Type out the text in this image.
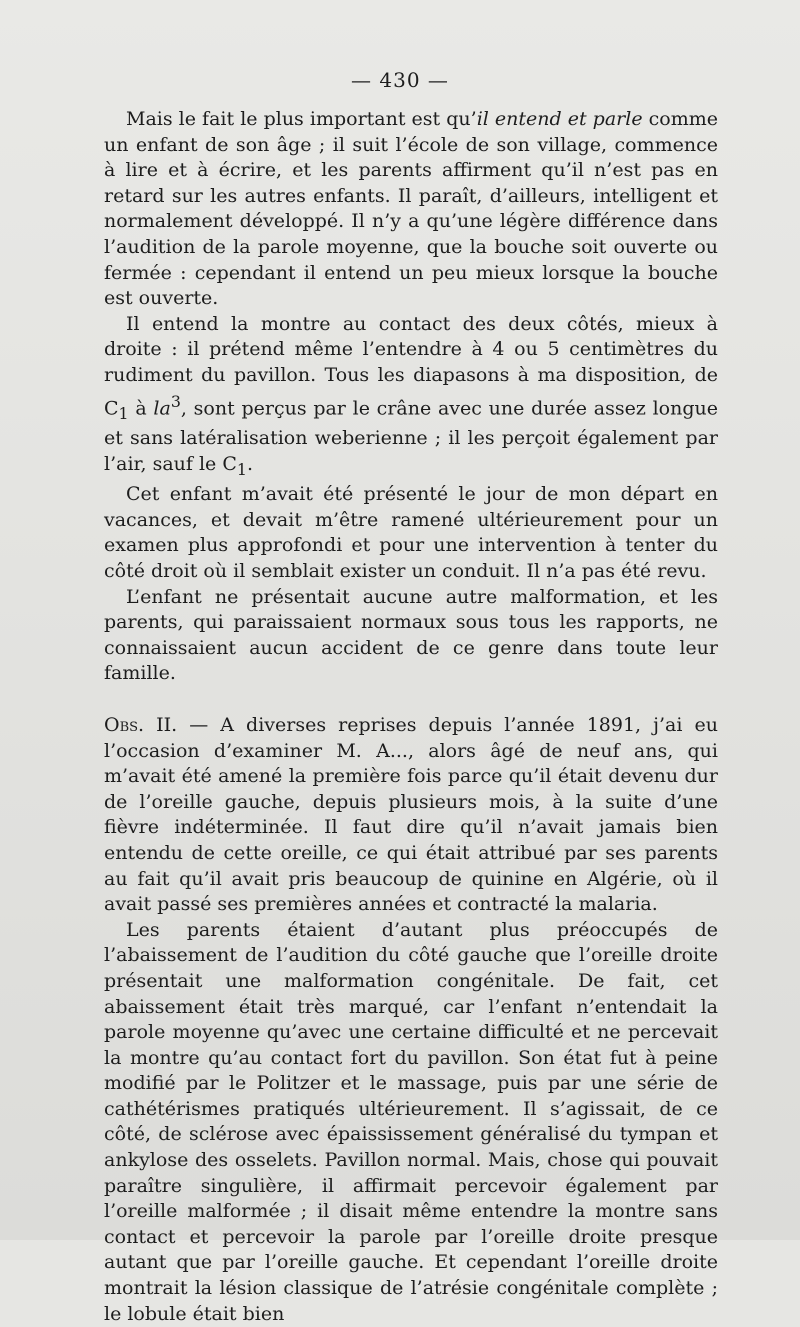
— 430 —

Mais le fait le plus important est qu’il entend et parle comme un enfant de son âge ; il suit l’école de son village, commence à lire et à écrire, et les parents affirment qu’il n’est pas en retard sur les autres enfants. Il paraît, d’ailleurs, intelligent et normalement développé. Il n’y a qu’une légère différence dans l’audition de la parole moyenne, que la bouche soit ouverte ou fermée : cependant il entend un peu mieux lorsque la bouche est ouverte.

Il entend la montre au contact des deux côtés, mieux à droite : il prétend même l’entendre à 4 ou 5 centimètres du rudiment du pavillon. Tous les diapasons à ma disposition, de $C_1$ à $la^3$, sont perçus par le crâne avec une durée assez longue et sans latéralisation weberienne ; il les perçoit également par l’air, sauf le $C_1$.

Cet enfant m’avait été présenté le jour de mon départ en vacances, et devait m’être ramené ultérieurement pour un examen plus approfondi et pour une intervention à tenter du côté droit où il semblait exister un conduit. Il n’a pas été revu.

L’enfant ne présentait aucune autre malformation, et les parents, qui paraissaient normaux sous tous les rapports, ne connaissaient aucun accident de ce genre dans toute leur famille.

Obs. II. — A diverses reprises depuis l’année 1891, j’ai eu l’occasion d’examiner M. A..., alors âgé de neuf ans, qui m’avait été amené la première fois parce qu’il était devenu dur de l’oreille gauche, depuis plusieurs mois, à la suite d’une fièvre indéterminée. Il faut dire qu’il n’avait jamais bien entendu de cette oreille, ce qui était attribué par ses parents au fait qu’il avait pris beaucoup de quinine en Algérie, où il avait passé ses premières années et contracté la malaria.

Les parents étaient d’autant plus préoccupés de l’abaissement de l’audition du côté gauche que l’oreille droite présentait une malformation congénitale. De fait, cet abaissement était très marqué, car l’enfant n’entendait la parole moyenne qu’avec une certaine difficulté et ne percevait la montre qu’au contact fort du pavillon. Son état fut à peine modifié par le Politzer et le massage, puis par une série de cathétérismes pratiqués ultérieurement. Il s’agissait, de ce côté, de sclérose avec épaississement généralisé du tympan et ankylose des osselets. Pavillon normal. Mais, chose qui pouvait paraître singulière, il affirmait percevoir également par l’oreille malformée ; il disait même entendre la montre sans contact et percevoir la parole par l’oreille droite presque autant que par l’oreille gauche. Et cependant l’oreille droite montrait la lésion classique de l’atrésie congénitale complète ; le lobule était bien
